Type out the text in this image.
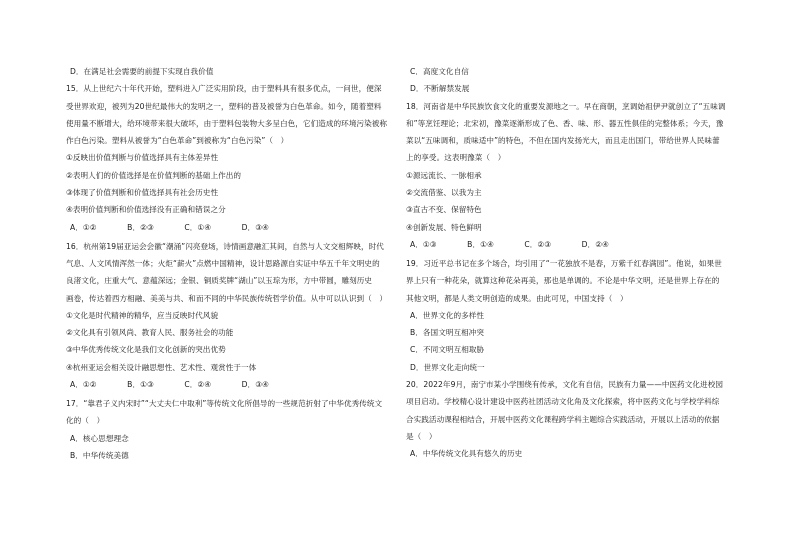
D．在满足社会需要的前提下实现自我价值
15．从上世纪六十年代开始，塑料进入广泛实用阶段，由于塑料具有很多优点，一问世，便深
受世界欢迎，被列为20世纪最伟大的发明之一，塑料的普及被誉为白色革命。如今，随着塑料
使用量不断增大，给环境带来很大破坏，由于塑料包装物大多呈白色，它们造成的环境污染被称
作白色污染。塑料从被誉为“白色革命”到被称为“白色污染”（　）
①反映出价值判断与价值选择具有主体差异性
②表明人们的价值选择是在价值判断的基础上作出的
③体现了价值判断和价值选择具有社会历史性
④表明价值判断和价值选择没有正确和错误之分
A．①②　　　　B．②③　　　　C．①④　　　　D．③④
16．杭州第19届亚运会会徽“潮涌”闪亮登场，诗情画意融汇其间，自然与人文交相辉映，时代
气息、人文风情浑然一体；火炬“薪火”点燃中国精神，设计思路源自实证中华五千年文明史的
良渚文化，庄重大气、意蕴深远；金银、铜质奖牌“湖山”以玉琮为形，方中带圆，雕刻历史
画卷，传达着西方相融、美美与共、和而不同的中华民族传统哲学价值。从中可以认识到（　）
①文化是时代精神的精华，应当反映时代风貌
②文化具有引领风尚、教育人民、服务社会的功能
③中华优秀传统文化是我们文化创新的突出优势
④杭州亚运会相关设计融思想性、艺术性、观赏性于一体
A．①②　　　　B．①③　　　　C．②④　　　　D．③④
17．“靠君子义内宋时”“大丈夫仁中取利”等传统文化所倡导的一些规范折射了中华优秀传统文
化的（　）
A．核心思想理念
B．中华传统美德
C．高度文化自信
D．不断解禁发展
18．河南省是中华民族饮食文化的重要发源地之一。早在商朝，烹调始祖伊尹就创立了“五味调
和”等烹饪理论；北宋初，豫菜逐渐形成了色、香、味、形、器五性俱佳的完整体系；今天，豫
菜以“五味调和，质味适中”的特色，不但在国内发扬光大，而且走出国门，带给世界人民味蕾
上的享受。这表明豫菜（　）
①源远流长、一脉相承
②交流借鉴、以我为主
③直古不变、保留特色
④创新发展、特色鲜明
A．①③　　　　B．①④　　　　C．②③　　　　D．②④
19．习近平总书记在多个场合，均引用了“一花独放不是春，万紫千红春满园”。他说，如果世
界上只有一种花朵，就算这种花朵再美，那也是单调的。不论是中华文明，还是世界上存在的
其他文明，都是人类文明创造的成果。由此可见，中国支持（　）
A．世界文化的多样性
B．各国文明互相冲突
C．不同文明互相取胁
D．世界文化走向统一
20．2022年9月，南宁市某小学围绕有传承，文化有自信，民族有力量——中医药文化进校园
项目启动。学校精心设计建设中医药社团活动文化角及文化探索，将中医药文化与学校学科综
合实践活动课程相结合，开展中医药文化课程跨学科主题综合实践活动，开展以上活动的依据
是（　）
A．中华传统文化具有悠久的历史
